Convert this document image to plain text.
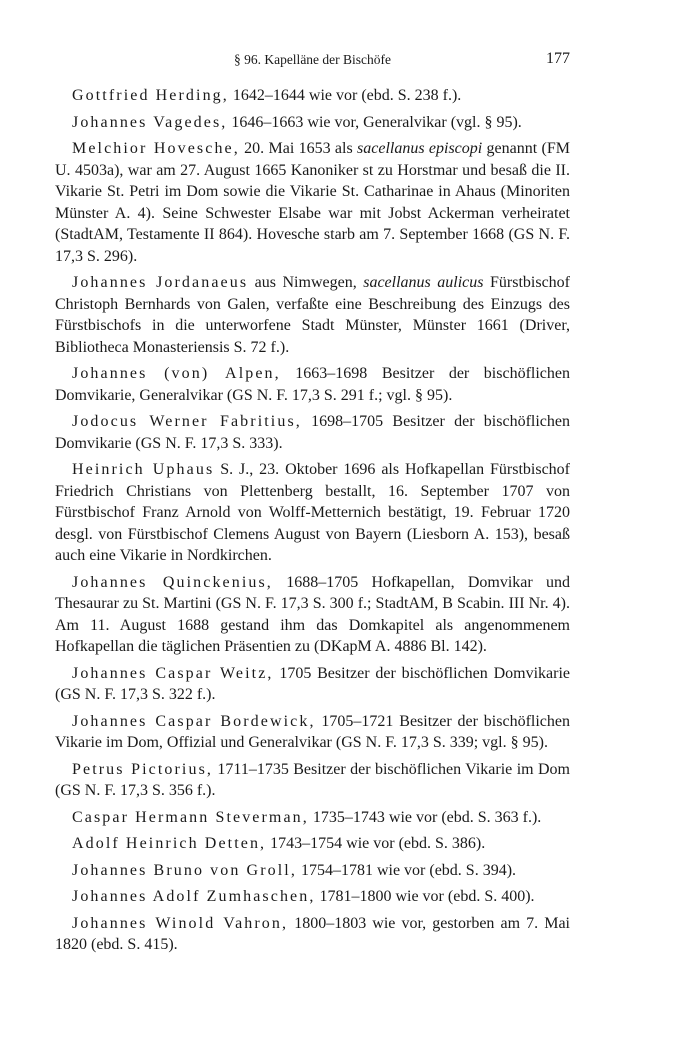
§ 96. Kapelläne der Bischöfe	177

Gottfried Herding, 1642–1644 wie vor (ebd. S. 238 f.).

Johannes Vagedes, 1646–1663 wie vor, Generalvikar (vgl. § 95).

Melchior Hovesche, 20. Mai 1653 als sacellanus episcopi genannt (FM U. 4503a), war am 27. August 1665 Kanoniker st zu Horstmar und besaß die II. Vikarie St. Petri im Dom sowie die Vikarie St. Catharinae in Ahaus (Minoriten Münster A. 4). Seine Schwester Elsabe war mit Jobst Ackerman verheiratet (StadtAM, Testamente II 864). Hovesche starb am 7. September 1668 (GS N. F. 17,3 S. 296).

Johannes Jordanaeus aus Nimwegen, sacellanus aulicus Fürstbischof Christoph Bernhards von Galen, verfaßte eine Beschreibung des Einzugs des Fürstbischofs in die unterworfene Stadt Münster, Münster 1661 (Driver, Bibliotheca Monasteriensis S. 72 f.).

Johannes (von) Alpen, 1663–1698 Besitzer der bischöflichen Domvikarie, Generalvikar (GS N. F. 17,3 S. 291 f.; vgl. § 95).

Jodocus Werner Fabritius, 1698–1705 Besitzer der bischöflichen Domvikarie (GS N. F. 17,3 S. 333).

Heinrich Uphaus S. J., 23. Oktober 1696 als Hofkapellan Fürstbischof Friedrich Christians von Plettenberg bestallt, 16. September 1707 von Fürstbischof Franz Arnold von Wolff-Metternich bestätigt, 19. Februar 1720 desgl. von Fürstbischof Clemens August von Bayern (Liesborn A. 153), besaß auch eine Vikarie in Nordkirchen.

Johannes Quinckenius, 1688–1705 Hofkapellan, Domvikar und Thesaurar zu St. Martini (GS N. F. 17,3 S. 300 f.; StadtAM, B Scabin. III Nr. 4). Am 11. August 1688 gestand ihm das Domkapitel als angenommenem Hofkapellan die täglichen Präsentien zu (DKapM A. 4886 Bl. 142).

Johannes Caspar Weitz, 1705 Besitzer der bischöflichen Domvikarie (GS N. F. 17,3 S. 322 f.).

Johannes Caspar Bordewick, 1705–1721 Besitzer der bischöflichen Vikarie im Dom, Offizial und Generalvikar (GS N. F. 17,3 S. 339; vgl. § 95).

Petrus Pictorius, 1711–1735 Besitzer der bischöflichen Vikarie im Dom (GS N. F. 17,3 S. 356 f.).

Caspar Hermann Steverman, 1735–1743 wie vor (ebd. S. 363 f.).

Adolf Heinrich Detten, 1743–1754 wie vor (ebd. S. 386).

Johannes Bruno von Groll, 1754–1781 wie vor (ebd. S. 394).

Johannes Adolf Zumhaschen, 1781–1800 wie vor (ebd. S. 400).

Johannes Winold Vahron, 1800–1803 wie vor, gestorben am 7. Mai 1820 (ebd. S. 415).
